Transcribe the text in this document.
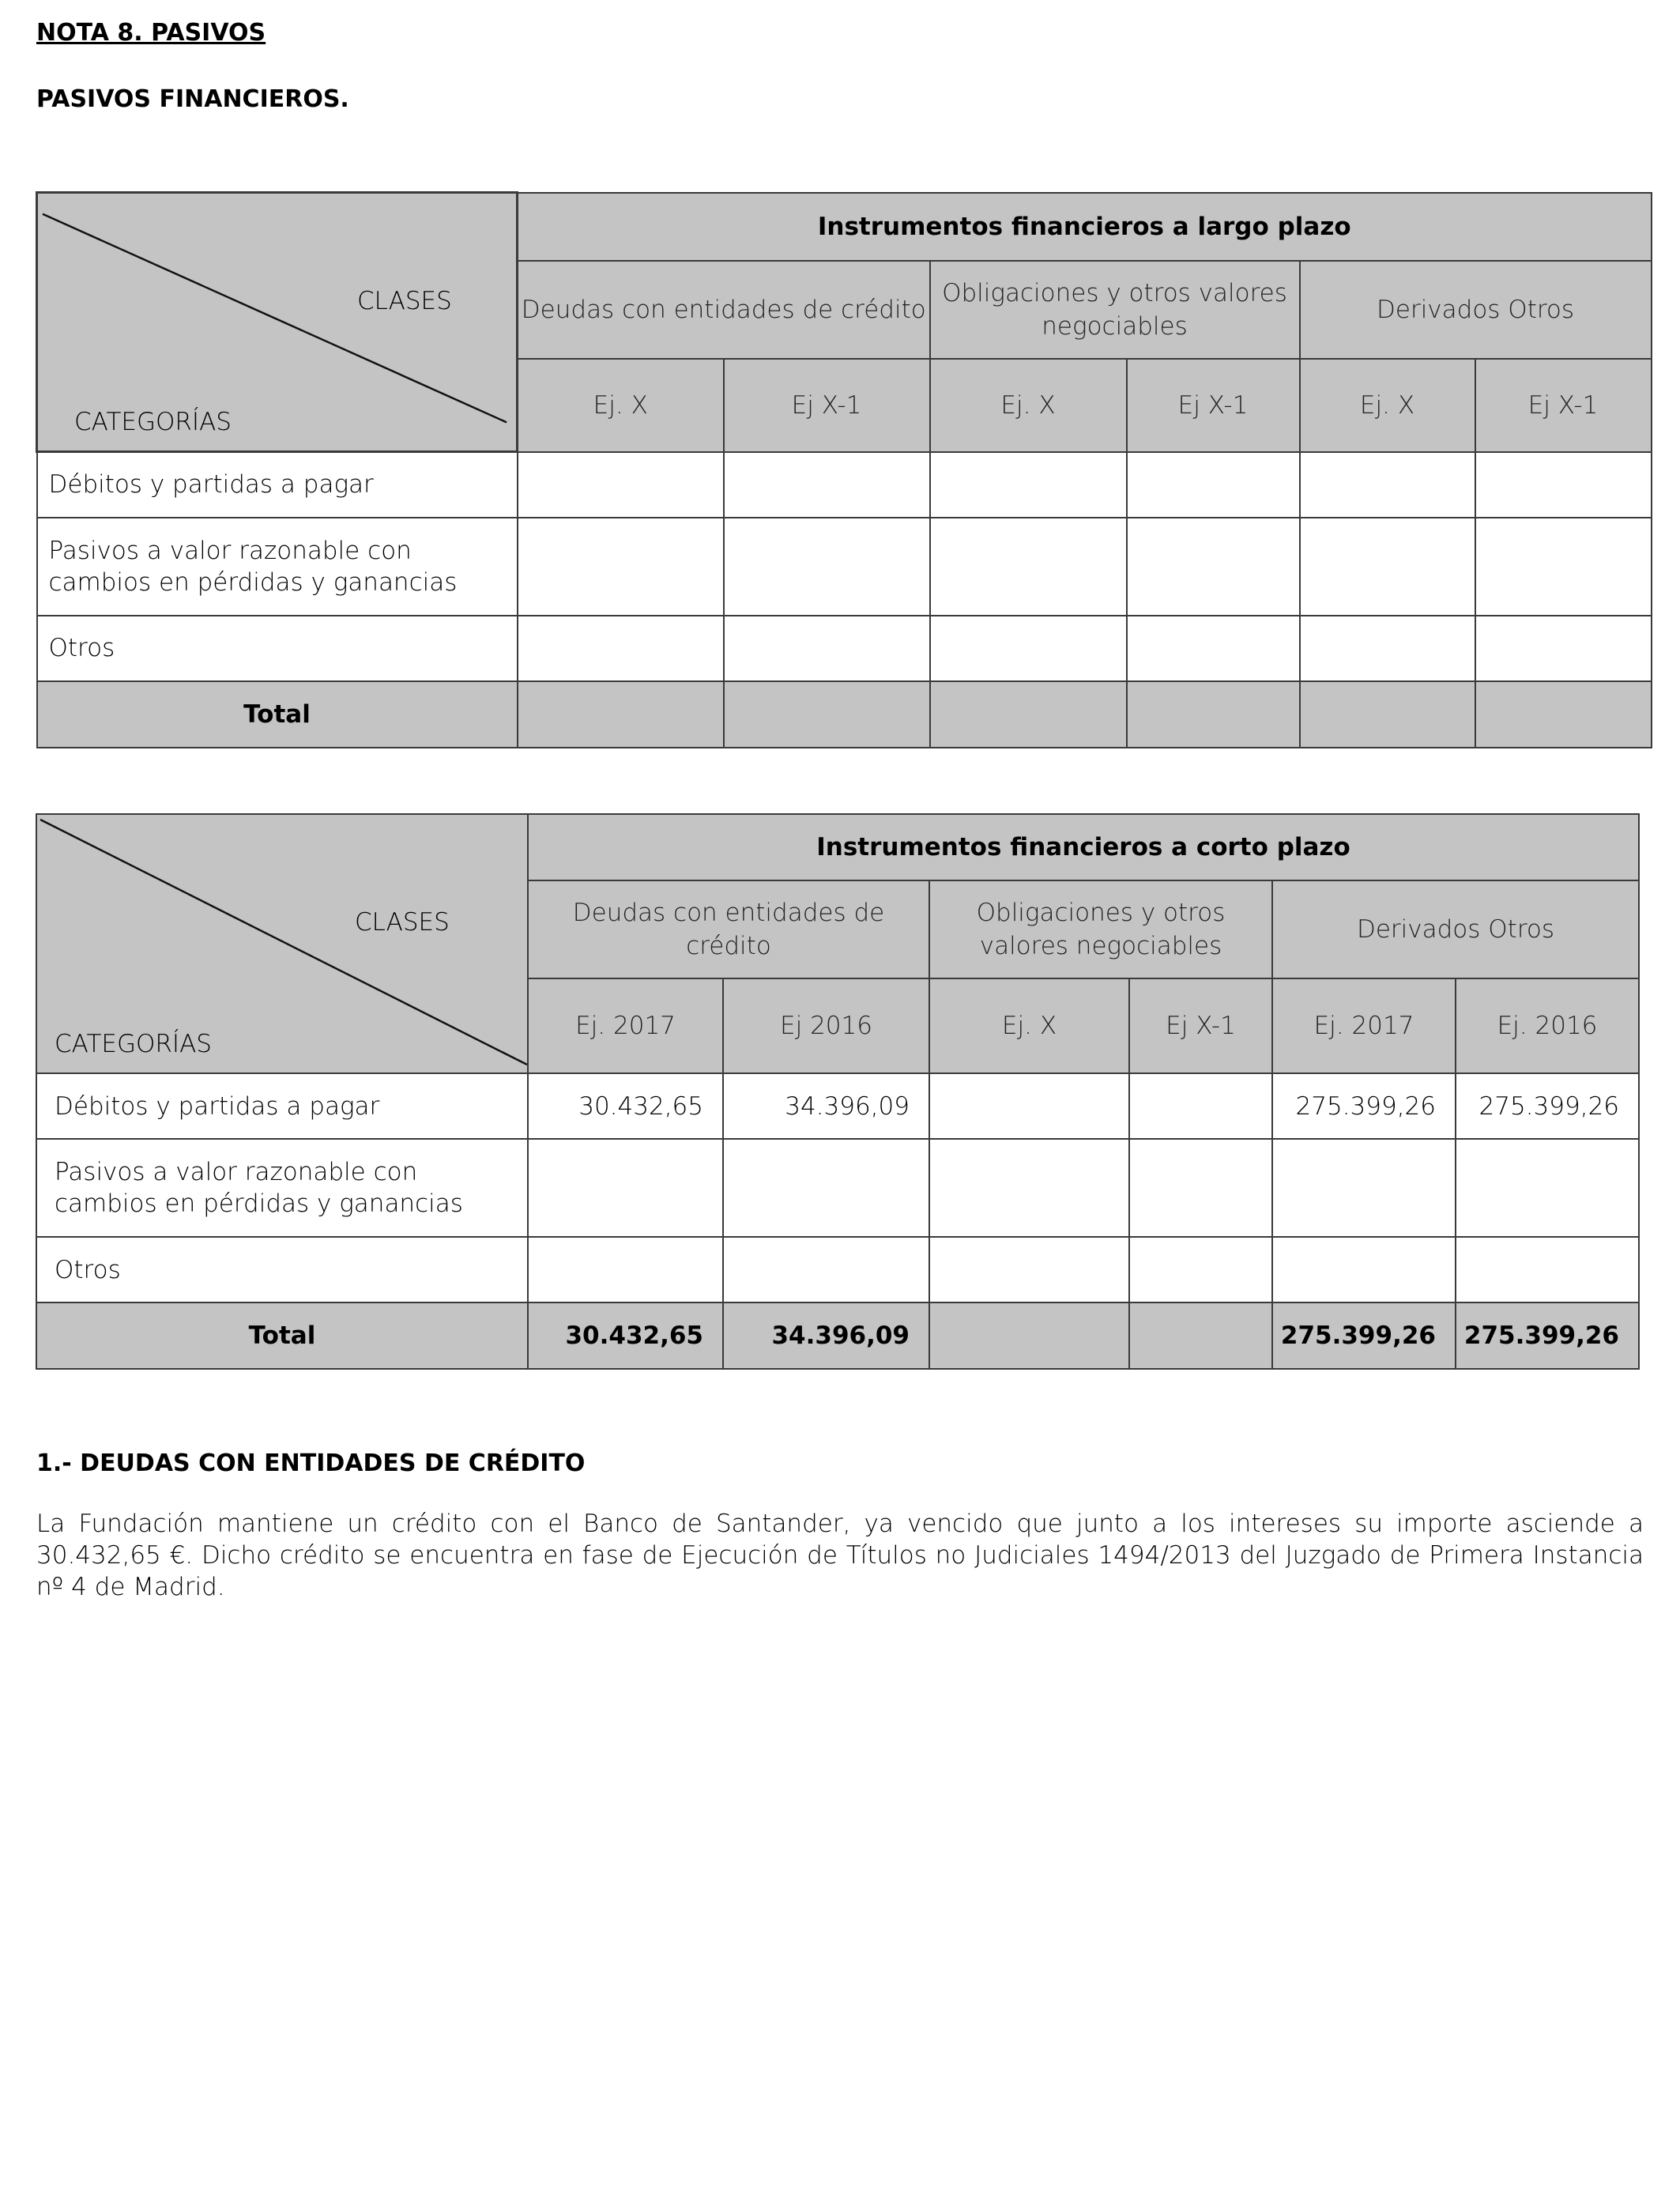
NOTA 8. PASIVOS
PASIVOS FINANCIEROS.
CLASES
CATEGORÍAS	Instrumentos financieros a largo plazo					
	Deudas con entidades de crédito		Obligaciones y otros valores negociables		Derivados Otros	
	Ej. X	Ej X-1	Ej. X	Ej X-1	Ej. X	Ej X-1
Débitos y partidas a pagar						
Pasivos a valor razonable con cambios en pérdidas y ganancias						
Otros						
Total						
CLASES
CATEGORÍAS	Instrumentos financieros a corto plazo					
	Deudas con entidades de crédito		Obligaciones y otros valores negociables		Derivados Otros	
	Ej. 2017	Ej 2016	Ej. X	Ej X-1	Ej. 2017	Ej. 2016
Débitos y partidas a pagar	30.432,65	34.396,09			275.399,26	275.399,26
Pasivos a valor razonable con cambios en pérdidas y ganancias						
Otros						
Total	30.432,65	34.396,09			275.399,26	275.399,26
1.- DEUDAS CON ENTIDADES DE CRÉDITO
La Fundación mantiene un crédito con el Banco de Santander, ya vencido que junto a los intereses su importe asciende a 30.432,65 €. Dicho crédito se encuentra en fase de Ejecución de Títulos no Judiciales 1494/2013 del Juzgado de Primera Instancia nº 4 de Madrid.
